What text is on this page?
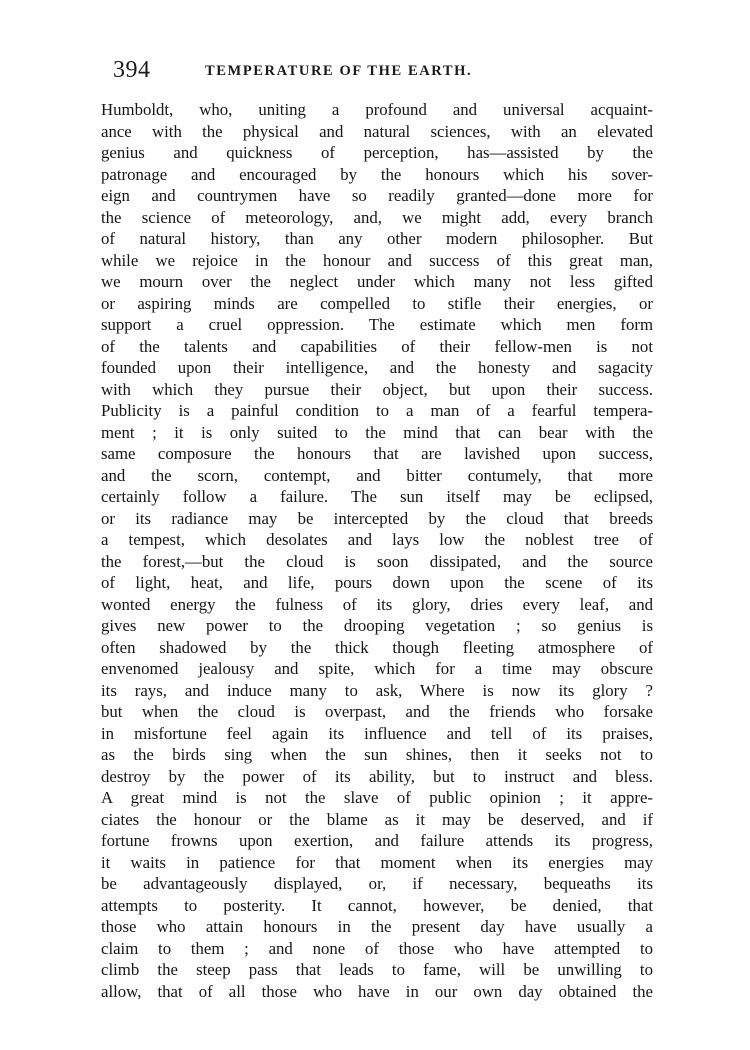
394	TEMPERATURE OF THE EARTH.
Humboldt, who, uniting a profound and universal acquaint-
ance with the physical and natural sciences, with an elevated
genius and quickness of perception, has—assisted by the
patronage and encouraged by the honours which his sover-
eign and countrymen have so readily granted—done more for
the science of meteorology, and, we might add, every branch
of natural history, than any other modern philosopher. But
while we rejoice in the honour and success of this great man,
we mourn over the neglect under which many not less gifted
or aspiring minds are compelled to stifle their energies, or
support a cruel oppression. The estimate which men form
of the talents and capabilities of their fellow-men is not
founded upon their intelligence, and the honesty and sagacity
with which they pursue their object, but upon their success.
Publicity is a painful condition to a man of a fearful tempera-
ment ; it is only suited to the mind that can bear with the
same composure the honours that are lavished upon success,
and the scorn, contempt, and bitter contumely, that more
certainly follow a failure. The sun itself may be eclipsed,
or its radiance may be intercepted by the cloud that breeds
a tempest, which desolates and lays low the noblest tree of
the forest,—but the cloud is soon dissipated, and the source
of light, heat, and life, pours down upon the scene of its
wonted energy the fulness of its glory, dries every leaf, and
gives new power to the drooping vegetation ; so genius is
often shadowed by the thick though fleeting atmosphere of
envenomed jealousy and spite, which for a time may obscure
its rays, and induce many to ask, Where is now its glory ?
but when the cloud is overpast, and the friends who forsake
in misfortune feel again its influence and tell of its praises,
as the birds sing when the sun shines, then it seeks not to
destroy by the power of its ability, but to instruct and bless.
A great mind is not the slave of public opinion ; it appre-
ciates the honour or the blame as it may be deserved, and if
fortune frowns upon exertion, and failure attends its progress,
it waits in patience for that moment when its energies may
be advantageously displayed, or, if necessary, bequeaths its
attempts to posterity. It cannot, however, be denied, that
those who attain honours in the present day have usually a
claim to them ; and none of those who have attempted to
climb the steep pass that leads to fame, will be unwilling to
allow, that of all those who have in our own day obtained the
